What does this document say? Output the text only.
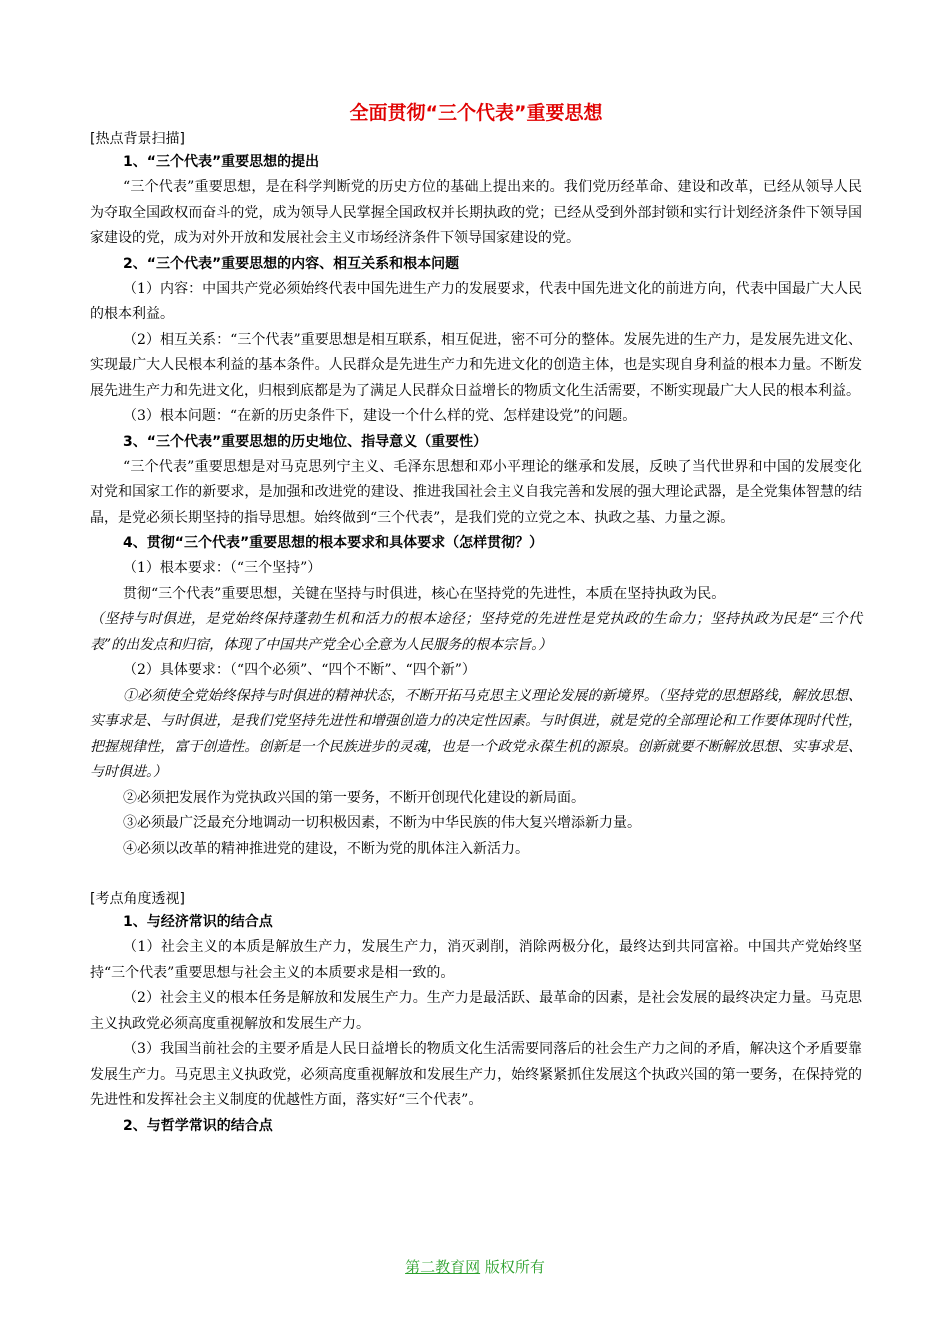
全面贯彻“三个代表”重要思想

[热点背景扫描]

1、“三个代表”重要思想的提出

“三个代表”重要思想，是在科学判断党的历史方位的基础上提出来的。我们党历经革命、建设和改革，已经从领导人民为夺取全国政权而奋斗的党，成为领导人民掌握全国政权并长期执政的党；已经从受到外部封锁和实行计划经济条件下领导国家建设的党，成为对外开放和发展社会主义市场经济条件下领导国家建设的党。

2、“三个代表”重要思想的内容、相互关系和根本问题

（1）内容：中国共产党必须始终代表中国先进生产力的发展要求，代表中国先进文化的前进方向，代表中国最广大人民的根本利益。

（2）相互关系：“三个代表”重要思想是相互联系，相互促进，密不可分的整体。发展先进的生产力，是发展先进文化、实现最广大人民根本利益的基本条件。人民群众是先进生产力和先进文化的创造主体，也是实现自身利益的根本力量。不断发展先进生产力和先进文化，归根到底都是为了满足人民群众日益增长的物质文化生活需要，不断实现最广大人民的根本利益。

（3）根本问题：“在新的历史条件下，建设一个什么样的党、怎样建设党”的问题。

3、“三个代表”重要思想的历史地位、指导意义（重要性）

“三个代表”重要思想是对马克思列宁主义、毛泽东思想和邓小平理论的继承和发展，反映了当代世界和中国的发展变化对党和国家工作的新要求，是加强和改进党的建设、推进我国社会主义自我完善和发展的强大理论武器，是全党集体智慧的结晶，是党必须长期坚持的指导思想。始终做到“三个代表”，是我们党的立党之本、执政之基、力量之源。

4、贯彻“三个代表”重要思想的根本要求和具体要求（怎样贯彻？）

（1）根本要求：（“三个坚持”）

贯彻“三个代表”重要思想，关键在坚持与时俱进，核心在坚持党的先进性，本质在坚持执政为民。

（坚持与时俱进，是党始终保持蓬勃生机和活力的根本途径；坚持党的先进性是党执政的生命力；坚持执政为民是“三个代表”的出发点和归宿，体现了中国共产党全心全意为人民服务的根本宗旨。）

（2）具体要求：（“四个必须”、“四个不断”、“四个新”）

①必须使全党始终保持与时俱进的精神状态，不断开拓马克思主义理论发展的新境界。（坚持党的思想路线，解放思想、实事求是、与时俱进，是我们党坚持先进性和增强创造力的决定性因素。与时俱进，就是党的全部理论和工作要体现时代性，把握规律性，富于创造性。创新是一个民族进步的灵魂，也是一个政党永葆生机的源泉。创新就要不断解放思想、实事求是、与时俱进。）

②必须把发展作为党执政兴国的第一要务，不断开创现代化建设的新局面。

③必须最广泛最充分地调动一切积极因素，不断为中华民族的伟大复兴增添新力量。

④必须以改革的精神推进党的建设，不断为党的肌体注入新活力。

[考点角度透视]

1、与经济常识的结合点

（1）社会主义的本质是解放生产力，发展生产力，消灭剥削，消除两极分化，最终达到共同富裕。中国共产党始终坚持“三个代表”重要思想与社会主义的本质要求是相一致的。

（2）社会主义的根本任务是解放和发展生产力。生产力是最活跃、最革命的因素，是社会发展的最终决定力量。马克思主义执政党必须高度重视解放和发展生产力。

（3）我国当前社会的主要矛盾是人民日益增长的物质文化生活需要同落后的社会生产力之间的矛盾，解决这个矛盾要靠发展生产力。马克思主义执政党，必须高度重视解放和发展生产力，始终紧紧抓住发展这个执政兴国的第一要务，在保持党的先进性和发挥社会主义制度的优越性方面，落实好“三个代表”。

2、与哲学常识的结合点

第二教育网 版权所有
